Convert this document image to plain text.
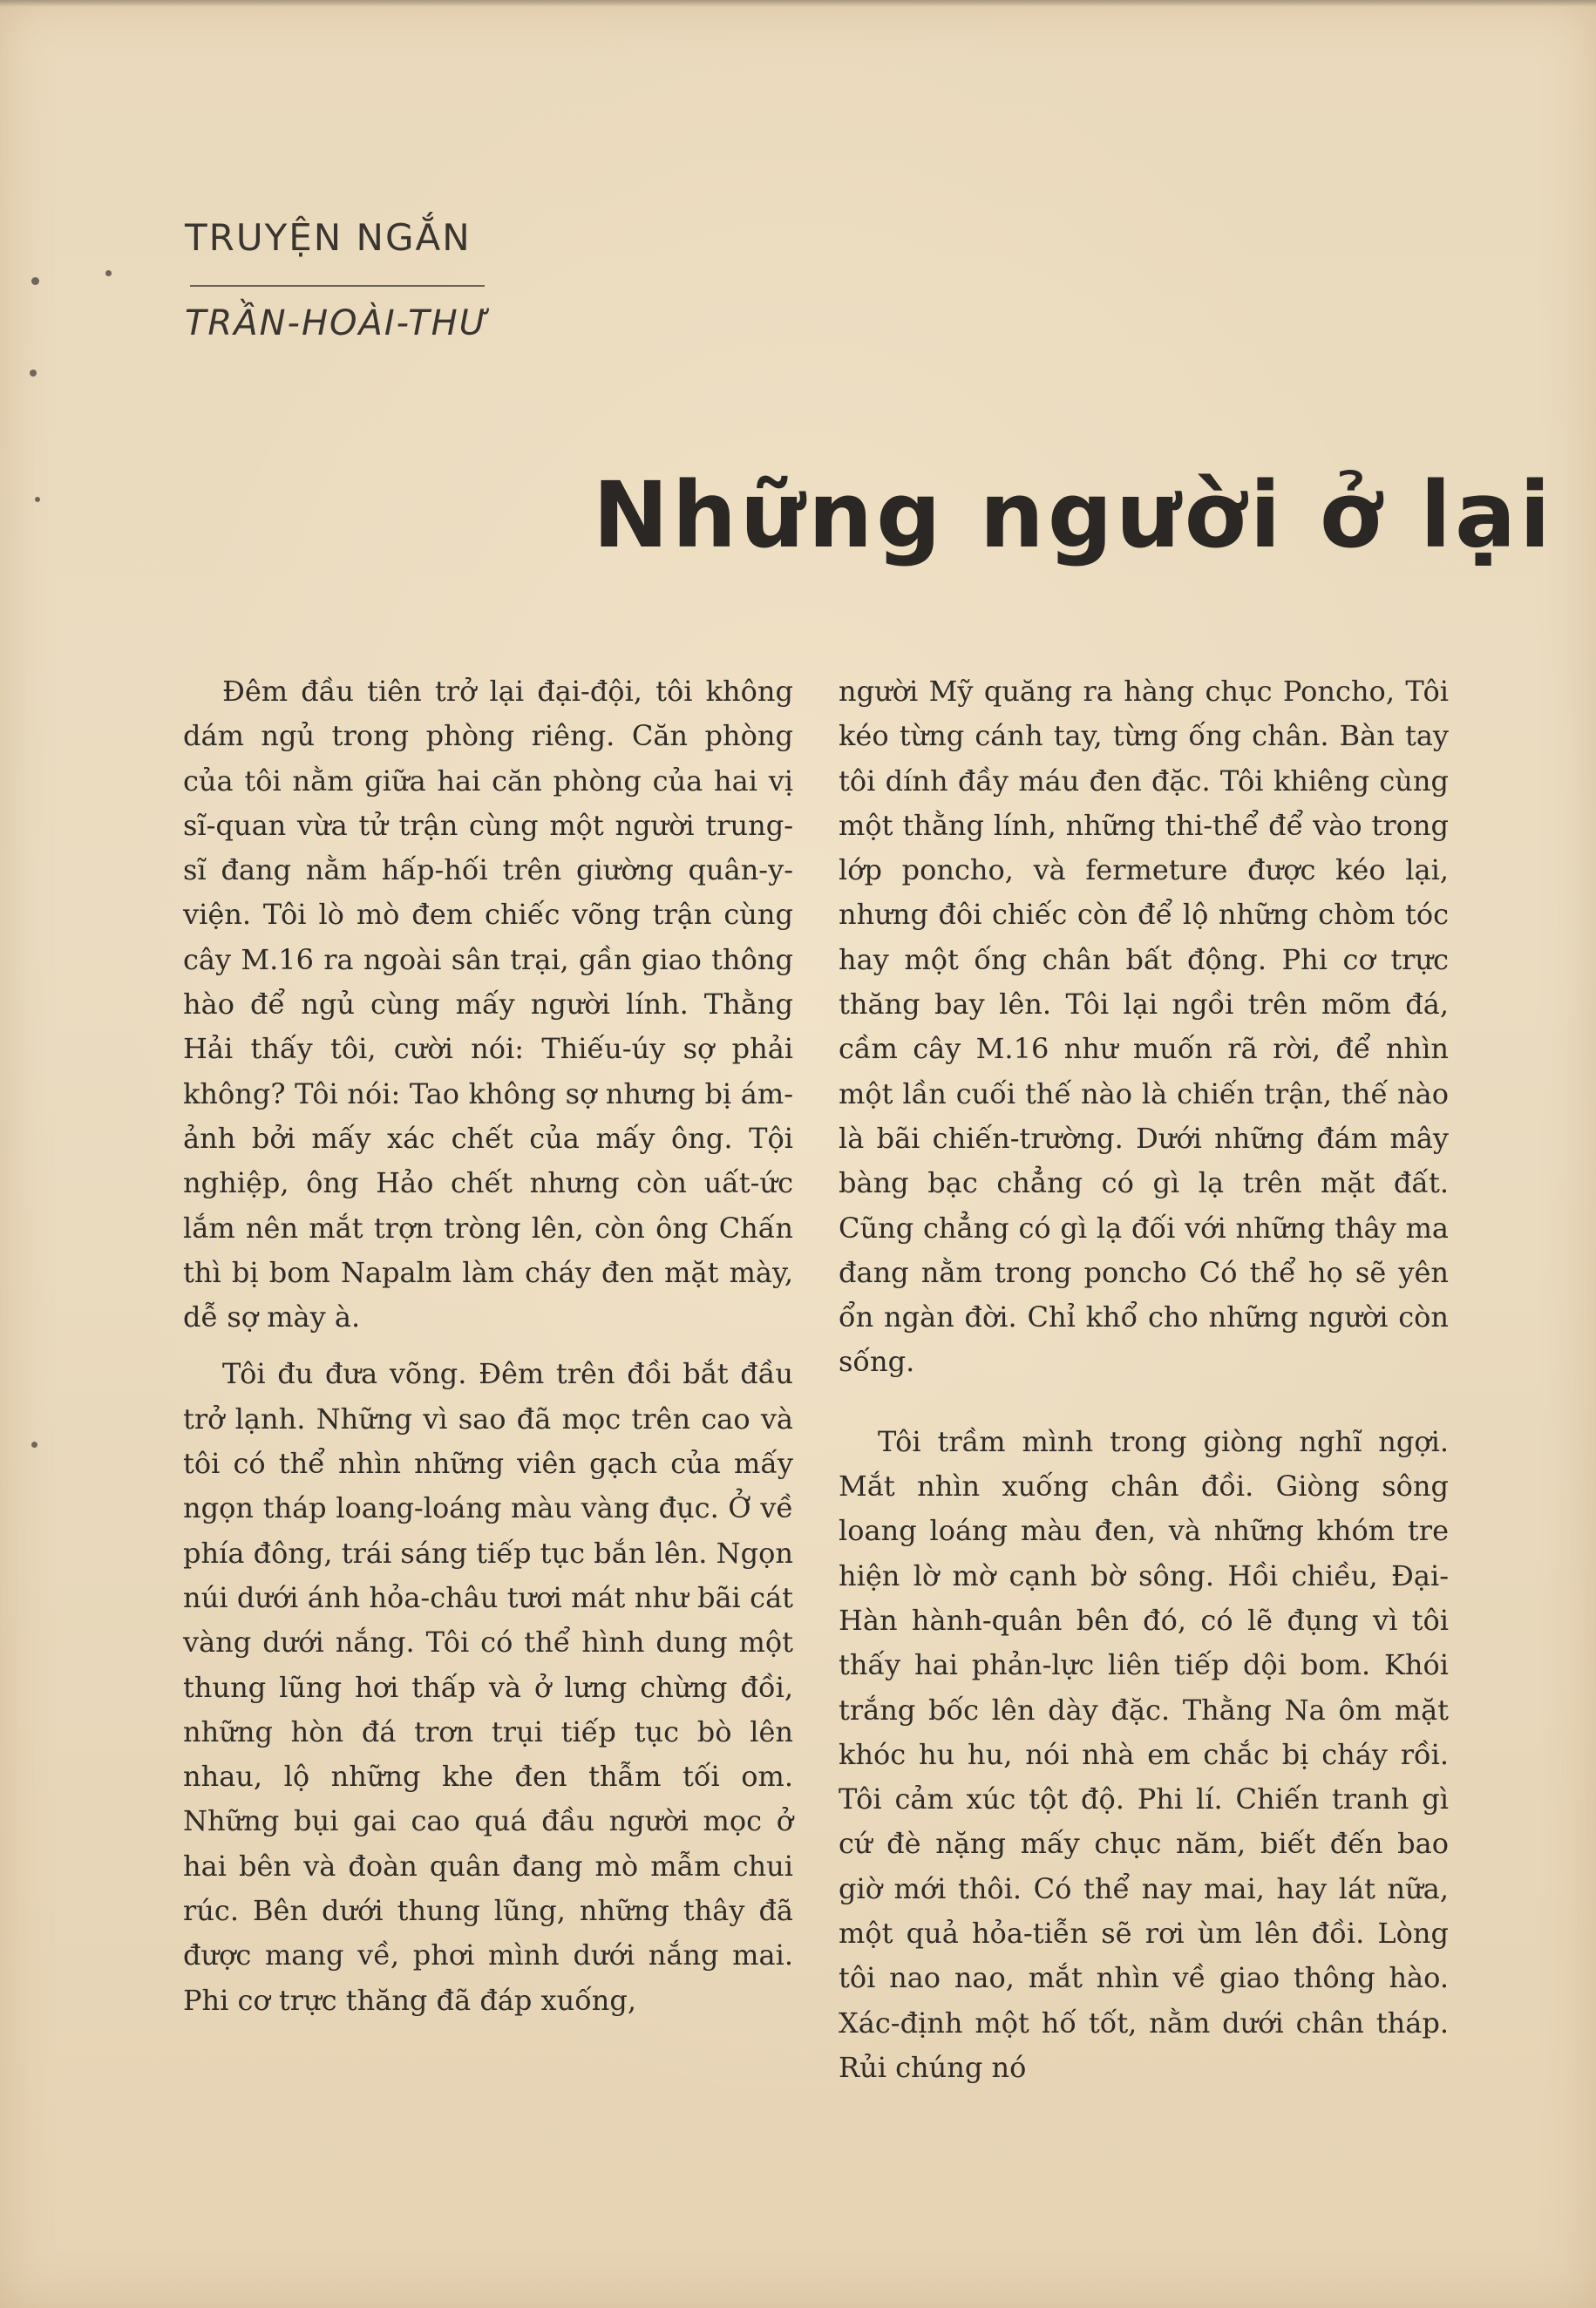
TRUYỆN NGẮN
TRẦN-HOÀI-THƯ
Những người ở lại

Đêm đầu tiên trở lại đại-đội, tôi không dám ngủ trong phòng riêng. Căn phòng của tôi nằm giữa hai căn phòng của hai vị sĩ-quan vừa tử trận cùng một người trung-sĩ đang nằm hấp-hối trên giường quân-y-viện. Tôi lò mò đem chiếc võng trận cùng cây M.16 ra ngoài sân trại, gần giao thông hào để ngủ cùng mấy người lính. Thằng Hải thấy tôi, cười nói: Thiếu-úy sợ phải không? Tôi nói: Tao không sợ nhưng bị ám-ảnh bởi mấy xác chết của mấy ông. Tội nghiệp, ông Hảo chết nhưng còn uất-ức lắm nên mắt trợn tròng lên, còn ông Chấn thì bị bom Napalm làm cháy đen mặt mày, dễ sợ mày à.

Tôi đu đưa võng. Đêm trên đồi bắt đầu trở lạnh. Những vì sao đã mọc trên cao và tôi có thể nhìn những viên gạch của mấy ngọn tháp loang-loáng màu vàng đục. Ở về phía đông, trái sáng tiếp tục bắn lên. Ngọn núi dưới ánh hỏa-châu tươi mát như bãi cát vàng dưới nắng. Tôi có thể hình dung một thung lũng hơi thấp và ở lưng chừng đồi, những hòn đá trơn trụi tiếp tục bò lên nhau, lộ những khe đen thẫm tối om. Những bụi gai cao quá đầu người mọc ở hai bên và đoàn quân đang mò mẫm chui rúc. Bên dưới thung lũng, những thây đã được mang về, phơi mình dưới nắng mai. Phi cơ trực thăng đã đáp xuống,

người Mỹ quăng ra hàng chục Poncho, Tôi kéo từng cánh tay, từng ống chân. Bàn tay tôi dính đầy máu đen đặc. Tôi khiêng cùng một thằng lính, những thi-thể để vào trong lớp poncho, và fermeture được kéo lại, nhưng đôi chiếc còn để lộ những chòm tóc hay một ống chân bất động. Phi cơ trực thăng bay lên. Tôi lại ngồi trên mõm đá, cầm cây M.16 như muốn rã rời, để nhìn một lần cuối thế nào là chiến trận, thế nào là bãi chiến-trường. Dưới những đám mây bàng bạc chẳng có gì lạ trên mặt đất. Cũng chẳng có gì lạ đối với những thây ma đang nằm trong poncho Có thể họ sẽ yên ổn ngàn đời. Chỉ khổ cho những người còn sống.

Tôi trầm mình trong giòng nghĩ ngợi. Mắt nhìn xuống chân đồi. Giòng sông loang loáng màu đen, và những khóm tre hiện lờ mờ cạnh bờ sông. Hồi chiều, Đại-Hàn hành-quân bên đó, có lẽ đụng vì tôi thấy hai phản-lực liên tiếp dội bom. Khói trắng bốc lên dày đặc. Thằng Na ôm mặt khóc hu hu, nói nhà em chắc bị cháy rồi. Tôi cảm xúc tột độ. Phi lí. Chiến tranh gì cứ đè nặng mấy chục năm, biết đến bao giờ mới thôi. Có thể nay mai, hay lát nữa, một quả hỏa-tiễn sẽ rơi ùm lên đồi. Lòng tôi nao nao, mắt nhìn về giao thông hào. Xác-định một hố tốt, nằm dưới chân tháp. Rủi chúng nó
